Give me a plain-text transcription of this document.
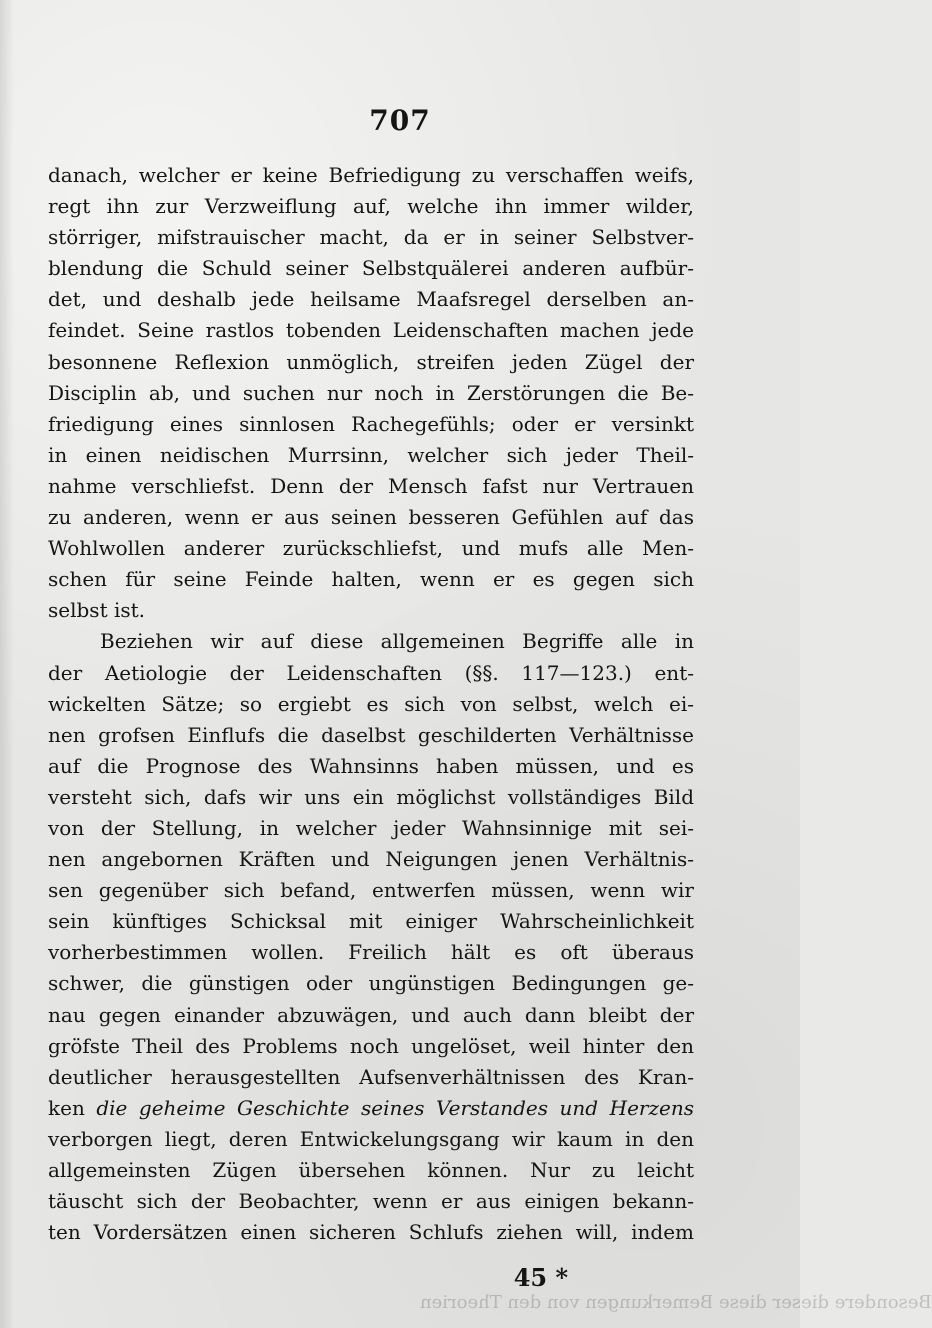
707
danach, welcher er keine Befriedigung zu verschaffen weifs,
regt ihn zur Verzweiflung auf, welche ihn immer wilder,
störriger, mifstrauischer macht, da er in seiner Selbstver-
blendung die Schuld seiner Selbstquälerei anderen aufbür-
det, und deshalb jede heilsame Maafsregel derselben an-
feindet. Seine rastlos tobenden Leidenschaften machen jede
besonnene Reflexion unmöglich, streifen jeden Zügel der
Disciplin ab, und suchen nur noch in Zerstörungen die Be-
friedigung eines sinnlosen Rachegefühls; oder er versinkt
in einen neidischen Murrsinn, welcher sich jeder Theil-
nahme verschliefst. Denn der Mensch fafst nur Vertrauen
zu anderen, wenn er aus seinen besseren Gefühlen auf das
Wohlwollen anderer zurückschliefst, und mufs alle Men-
schen für seine Feinde halten, wenn er es gegen sich
selbst ist.
Beziehen wir auf diese allgemeinen Begriffe alle in
der Aetiologie der Leidenschaften (§§. 117—123.) ent-
wickelten Sätze; so ergiebt es sich von selbst, welch ei-
nen grofsen Einflufs die daselbst geschilderten Verhältnisse
auf die Prognose des Wahnsinns haben müssen, und es
versteht sich, dafs wir uns ein möglichst vollständiges Bild
von der Stellung, in welcher jeder Wahnsinnige mit sei-
nen angebornen Kräften und Neigungen jenen Verhältnis-
sen gegenüber sich befand, entwerfen müssen, wenn wir
sein künftiges Schicksal mit einiger Wahrscheinlichkeit
vorherbestimmen wollen. Freilich hält es oft überaus
schwer, die günstigen oder ungünstigen Bedingungen ge-
nau gegen einander abzuwägen, und auch dann bleibt der
gröfste Theil des Problems noch ungelöset, weil hinter den
deutlicher herausgestellten Aufsenverhältnissen des Kran-
ken die geheime Geschichte seines Verstandes und Herzens
verborgen liegt, deren Entwickelungsgang wir kaum in den
allgemeinsten Zügen übersehen können. Nur zu leicht
täuscht sich der Beobachter, wenn er aus einigen bekann-
ten Vordersätzen einen sicheren Schlufs ziehen will, indem
45 *
Besondere dieser diese Bemerkungen von den Theorien
